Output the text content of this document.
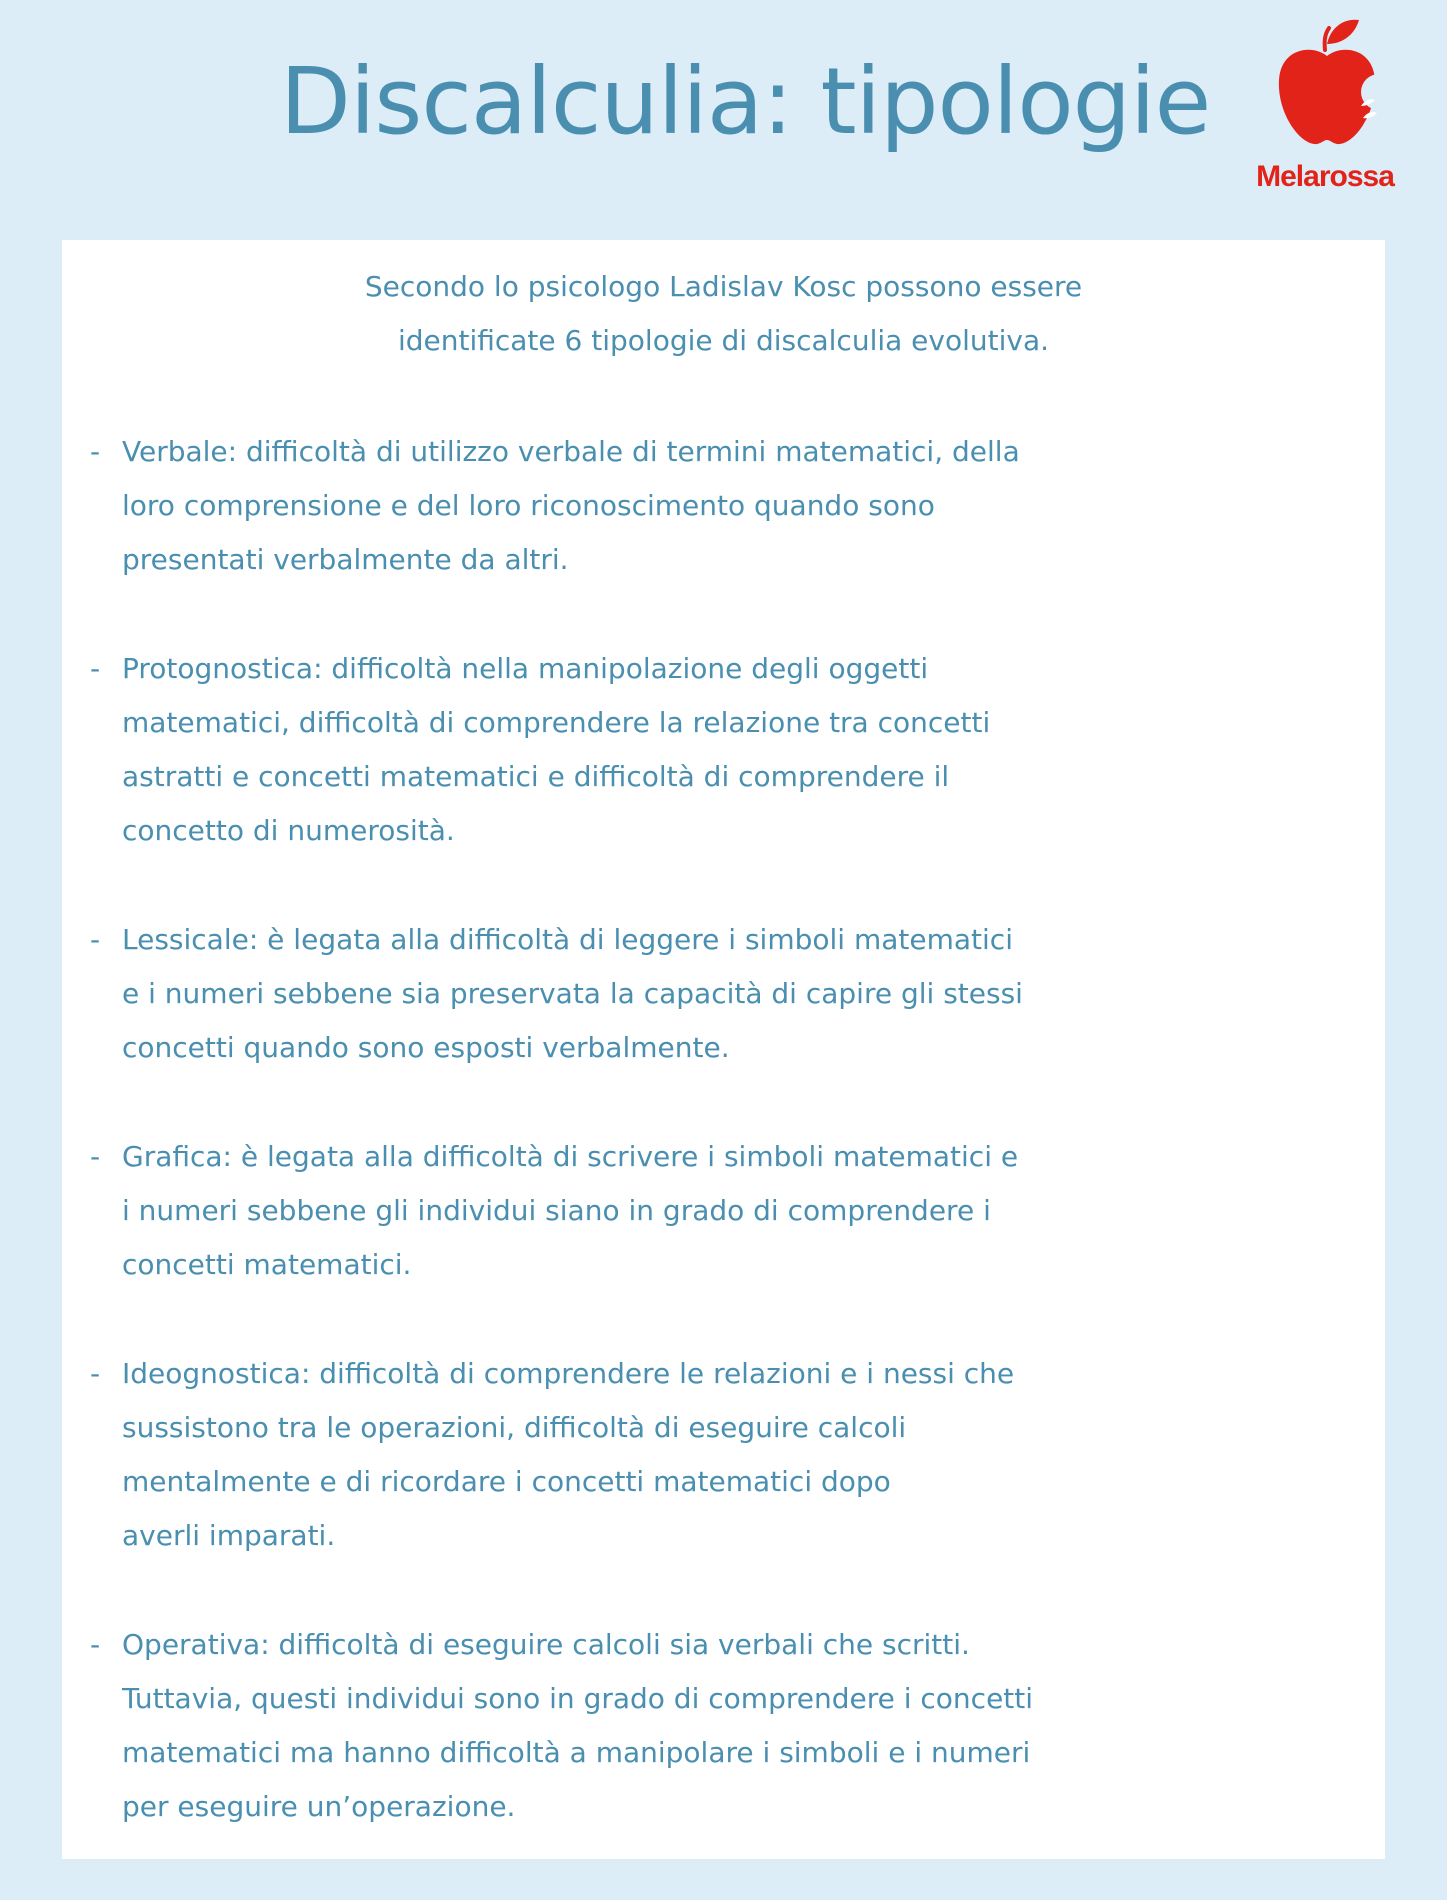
Discalculia: tipologie
Melarossa

Secondo lo psicologo Ladislav Kosc possono essere
identificate 6 tipologie di discalculia evolutiva.

- Verbale: difficoltà di utilizzo verbale di termini matematici, della
loro comprensione e del loro riconoscimento quando sono
presentati verbalmente da altri.
- Protognostica: difficoltà nella manipolazione degli oggetti
matematici, difficoltà di comprendere la relazione tra concetti
astratti e concetti matematici e difficoltà di comprendere il
concetto di numerosità.
- Lessicale: è legata alla difficoltà di leggere i simboli matematici
e i numeri sebbene sia preservata la capacità di capire gli stessi
concetti quando sono esposti verbalmente.
- Grafica: è legata alla difficoltà di scrivere i simboli matematici e
i numeri sebbene gli individui siano in grado di comprendere i
concetti matematici.
- Ideognostica: difficoltà di comprendere le relazioni e i nessi che
sussistono tra le operazioni, difficoltà di eseguire calcoli
mentalmente e di ricordare i concetti matematici dopo
averli imparati.
- Operativa: difficoltà di eseguire calcoli sia verbali che scritti.
Tuttavia, questi individui sono in grado di comprendere i concetti
matematici ma hanno difficoltà a manipolare i simboli e i numeri
per eseguire un’operazione.
